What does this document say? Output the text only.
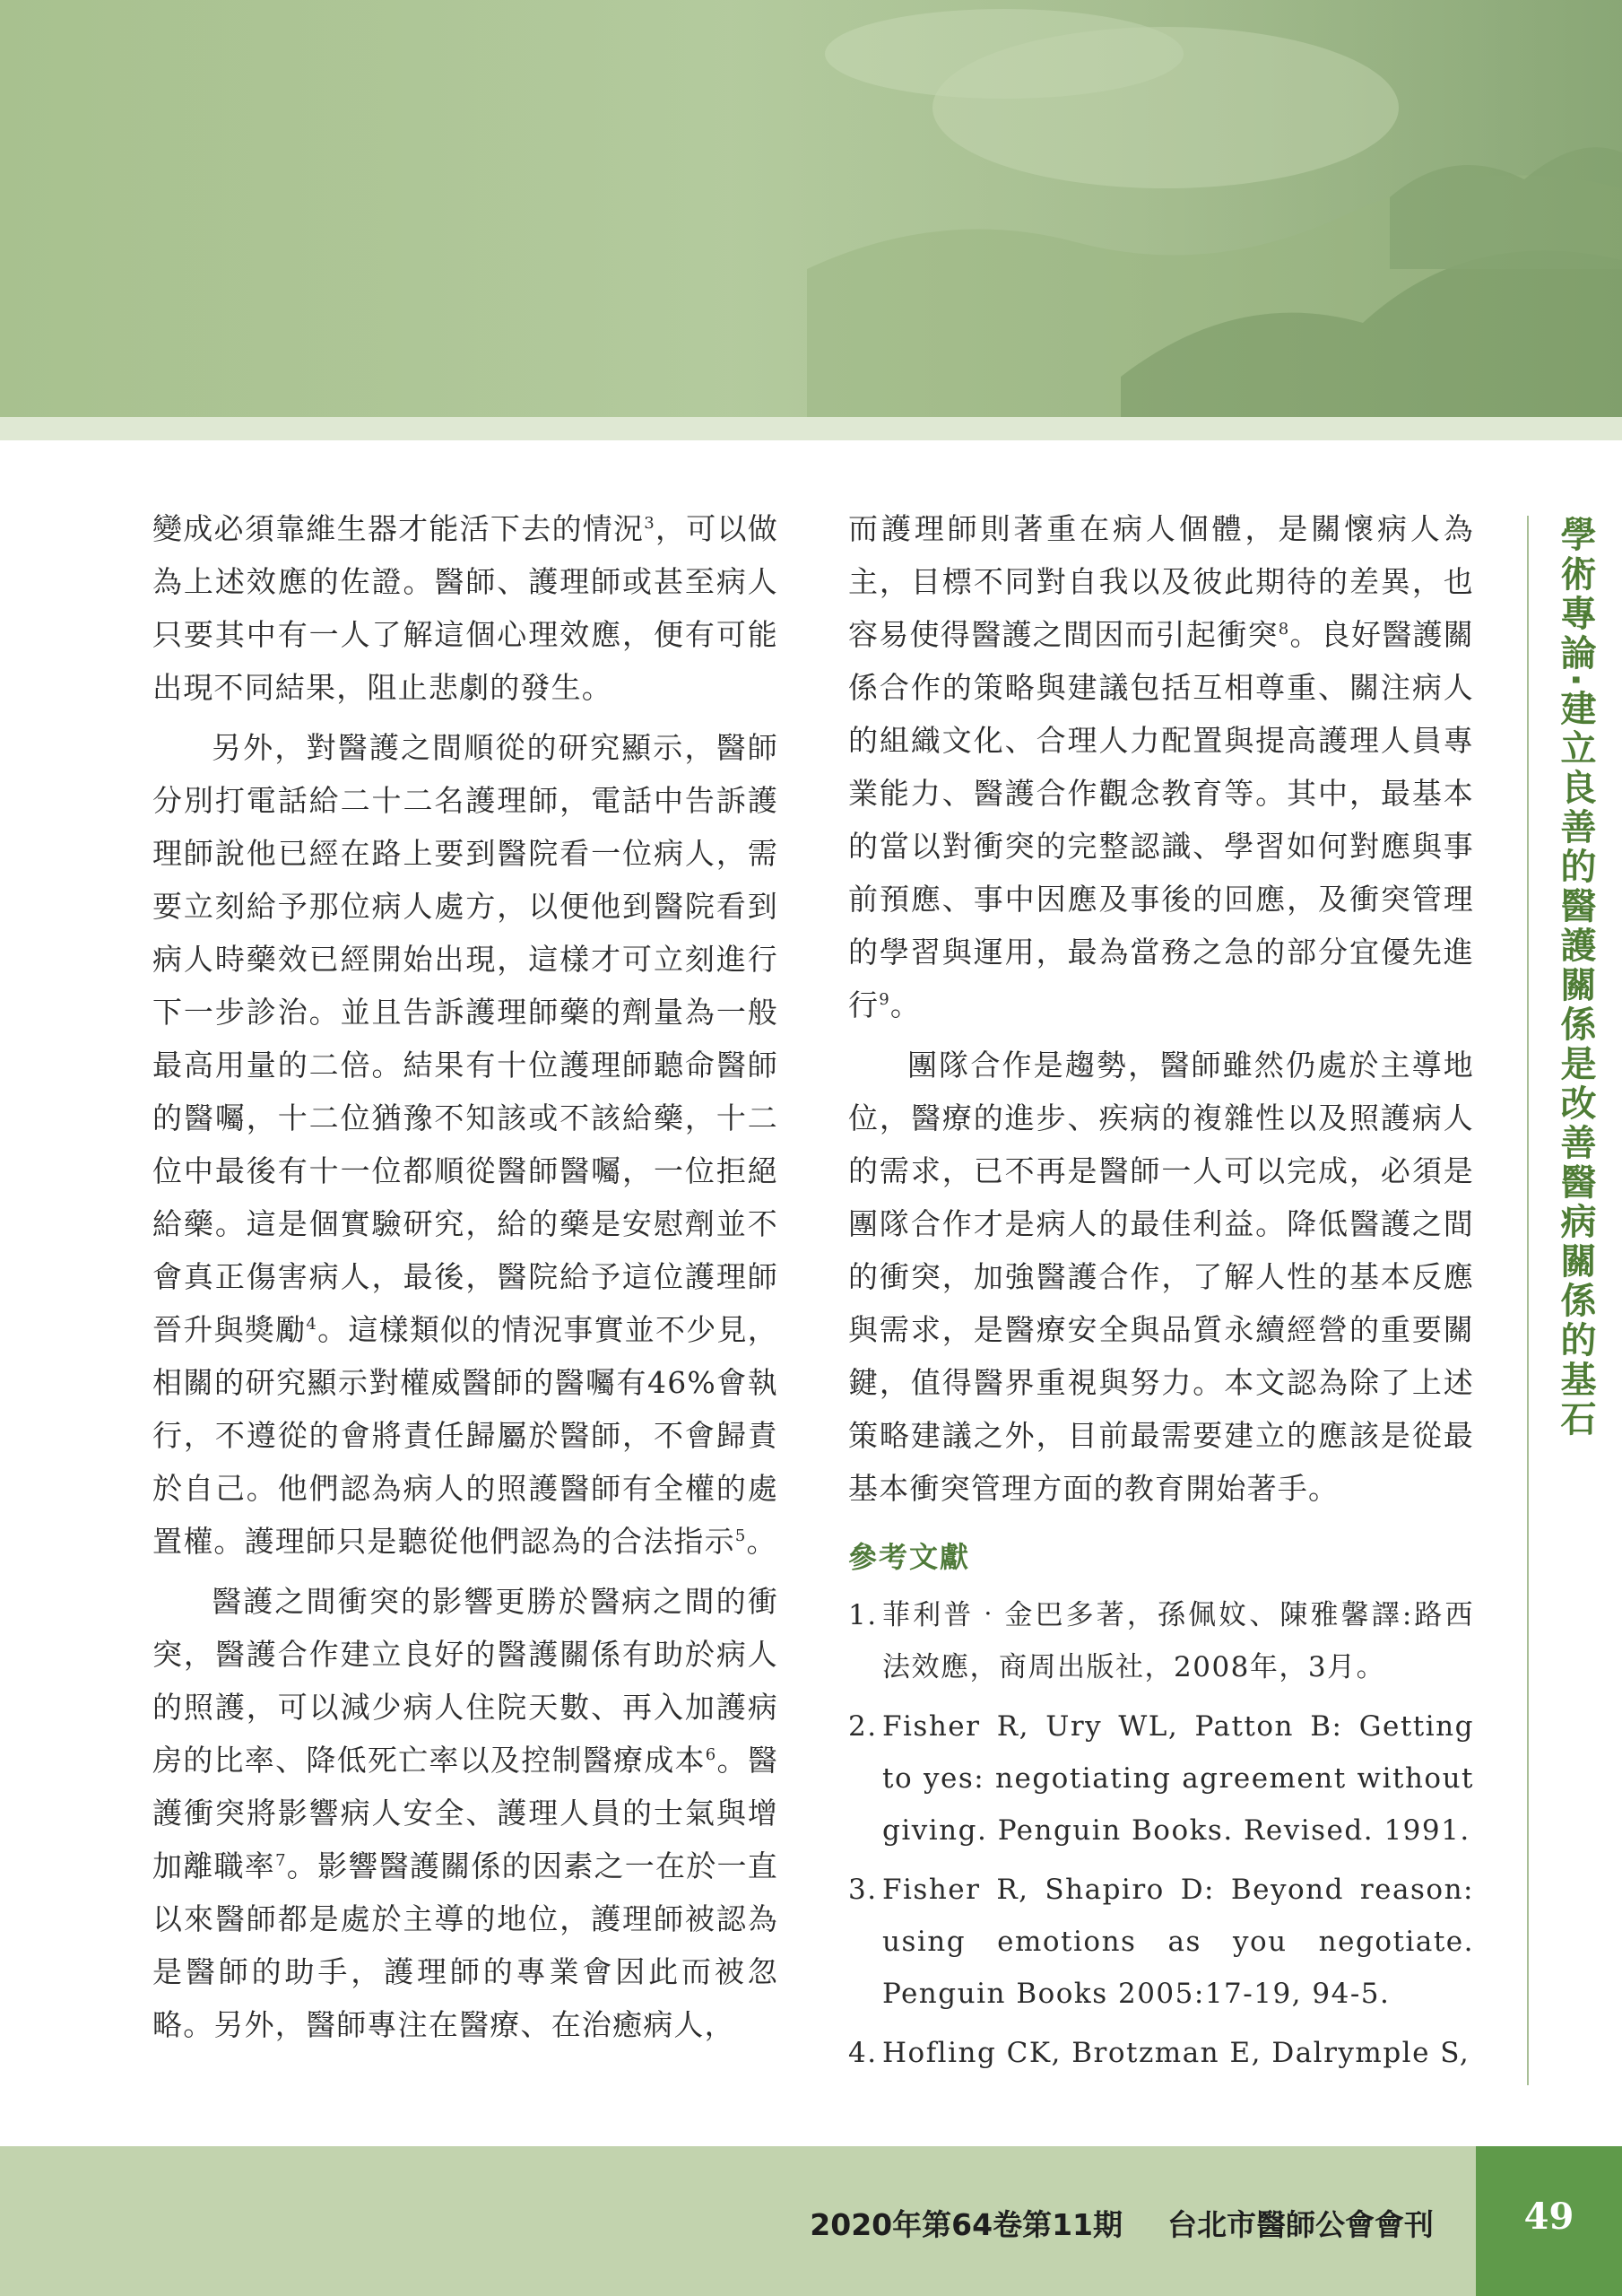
變成必須靠維生器才能活下去的情況$^3$，可以做為上述效應的佐證。醫師、護理師或甚至病人只要其中有一人了解這個心理效應，便有可能出現不同結果，阻止悲劇的發生。

另外，對醫護之間順從的研究顯示，醫師分別打電話給二十二名護理師，電話中告訴護理師說他已經在路上要到醫院看一位病人，需要立刻給予那位病人處方，以便他到醫院看到病人時藥效已經開始出現，這樣才可立刻進行下一步診治。並且告訴護理師藥的劑量為一般最高用量的二倍。結果有十位護理師聽命醫師的醫囑，十二位猶豫不知該或不該給藥，十二位中最後有十一位都順從醫師醫囑，一位拒絕給藥。這是個實驗研究，給的藥是安慰劑並不會真正傷害病人，最後，醫院給予這位護理師晉升與獎勵$^4$。這樣類似的情況事實並不少見，相關的研究顯示對權威醫師的醫囑有46%會執行，不遵從的會將責任歸屬於醫師，不會歸責於自己。他們認為病人的照護醫師有全權的處置權。護理師只是聽從他們認為的合法指示$^5$。

醫護之間衝突的影響更勝於醫病之間的衝突，醫護合作建立良好的醫護關係有助於病人的照護，可以減少病人住院天數、再入加護病房的比率、降低死亡率以及控制醫療成本$^6$。醫護衝突將影響病人安全、護理人員的士氣與增加離職率$^7$。影響醫護關係的因素之一在於一直以來醫師都是處於主導的地位，護理師被認為是醫師的助手，護理師的專業會因此而被忽略。另外，醫師專注在醫療、在治癒病人，

而護理師則著重在病人個體，是關懷病人為主，目標不同對自我以及彼此期待的差異，也容易使得醫護之間因而引起衝突$^8$。良好醫護關係合作的策略與建議包括互相尊重、關注病人的組織文化、合理人力配置與提高護理人員專業能力、醫護合作觀念教育等。其中，最基本的當以對衝突的完整認識、學習如何對應與事前預應、事中因應及事後的回應，及衝突管理的學習與運用，最為當務之急的部分宜優先進行$^9$。

團隊合作是趨勢，醫師雖然仍處於主導地位，醫療的進步、疾病的複雜性以及照護病人的需求，已不再是醫師一人可以完成，必須是團隊合作才是病人的最佳利益。降低醫護之間的衝突，加強醫護合作，了解人性的基本反應與需求，是醫療安全與品質永續經營的重要關鍵，值得醫界重視與努力。本文認為除了上述策略建議之外，目前最需要建立的應該是從最基本衝突管理方面的教育開始著手。

參考文獻
1. 菲利普‧金巴多著，孫佩妏、陳雅馨譯:路西法效應，商周出版社，2008年，3月。
2. Fisher R, Ury WL, Patton B: Getting to yes: negotiating agreement without giving. Penguin Books. Revised. 1991.
3. Fisher R, Shapiro D: Beyond reason: using emotions as you negotiate. Penguin Books 2005:17-19, 94-5.
4. Hofling CK, Brotzman E, Dalrymple S,
學術專論‧建立良善的醫護關係是改善醫病關係的基石
2020年第64卷第11期 台北市醫師公會會刊	49
